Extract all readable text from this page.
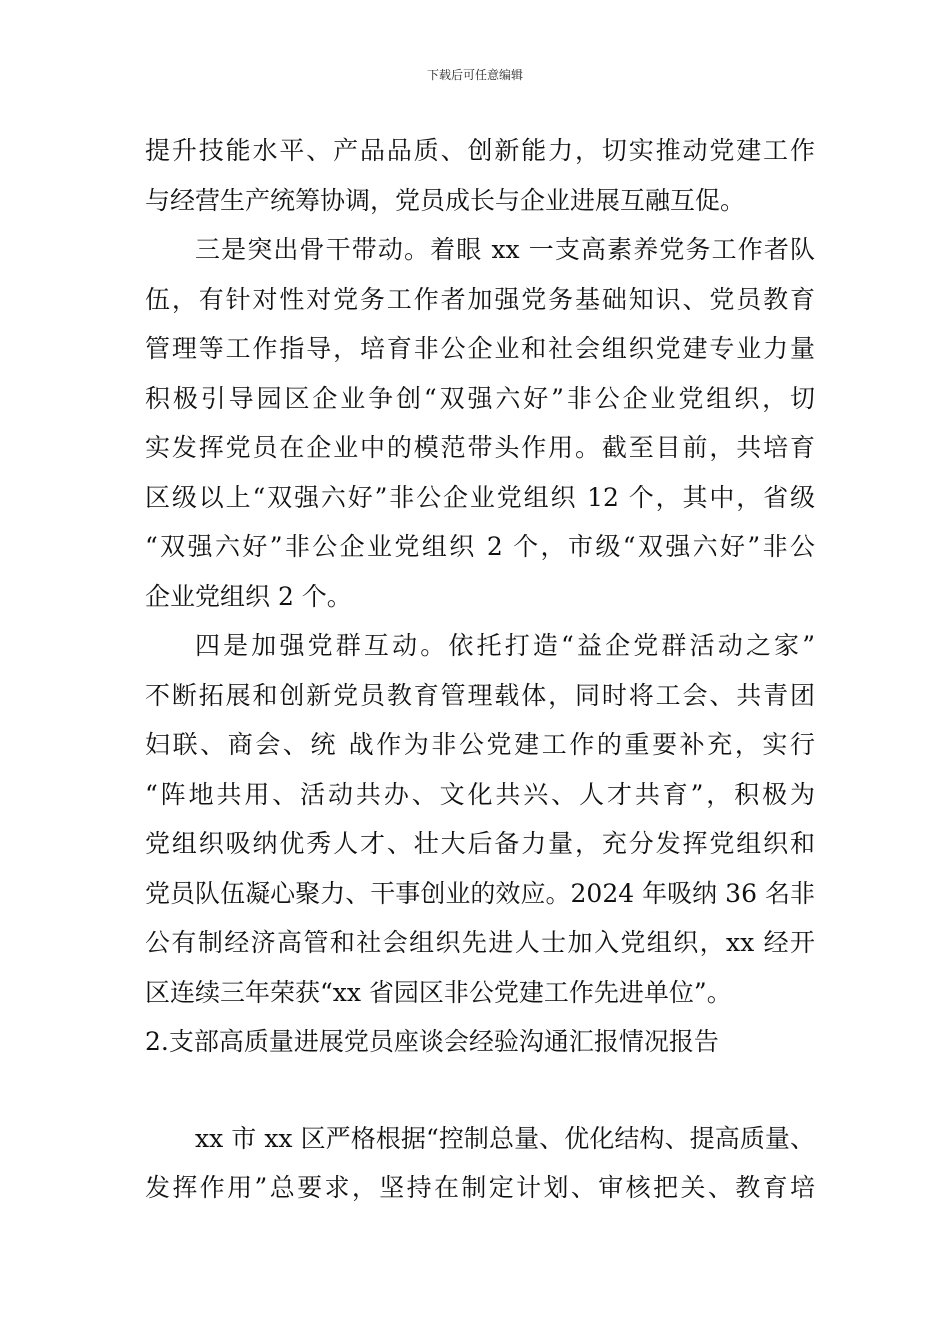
下载后可任意编辑
提升技能水平、产品品质、创新能力，切实推动党建工作
与经营生产统筹协调，党员成长与企业进展互融互促。
三是突出骨干带动。着眼 xx 一支高素养党务工作者队
伍，有针对性对党务工作者加强党务基础知识、党员教育
管理等工作指导，培育非公企业和社会组织党建专业力量
积极引导园区企业争创“双强六好”非公企业党组织，切
实发挥党员在企业中的模范带头作用。截至目前，共培育
区级以上“双强六好”非公企业党组织 12 个，其中，省级
“双强六好”非公企业党组织 2 个，市级“双强六好”非公
企业党组织 2 个。
四是加强党群互动。依托打造“益企党群活动之家”
不断拓展和创新党员教育管理载体，同时将工会、共青团
妇联、商会、统 战作为非公党建工作的重要补充，实行
“阵地共用、活动共办、文化共兴、人才共育”，积极为
党组织吸纳优秀人才、壮大后备力量，充分发挥党组织和
党员队伍凝心聚力、干事创业的效应。2024 年吸纳 36 名非
公有制经济高管和社会组织先进人士加入党组织，xx 经开
区连续三年荣获“xx 省园区非公党建工作先进单位”。
2.支部高质量进展党员座谈会经验沟通汇报情况报告
xx 市 xx 区严格根据“控制总量、优化结构、提高质量、
发挥作用”总要求，坚持在制定计划、审核把关、教育培
